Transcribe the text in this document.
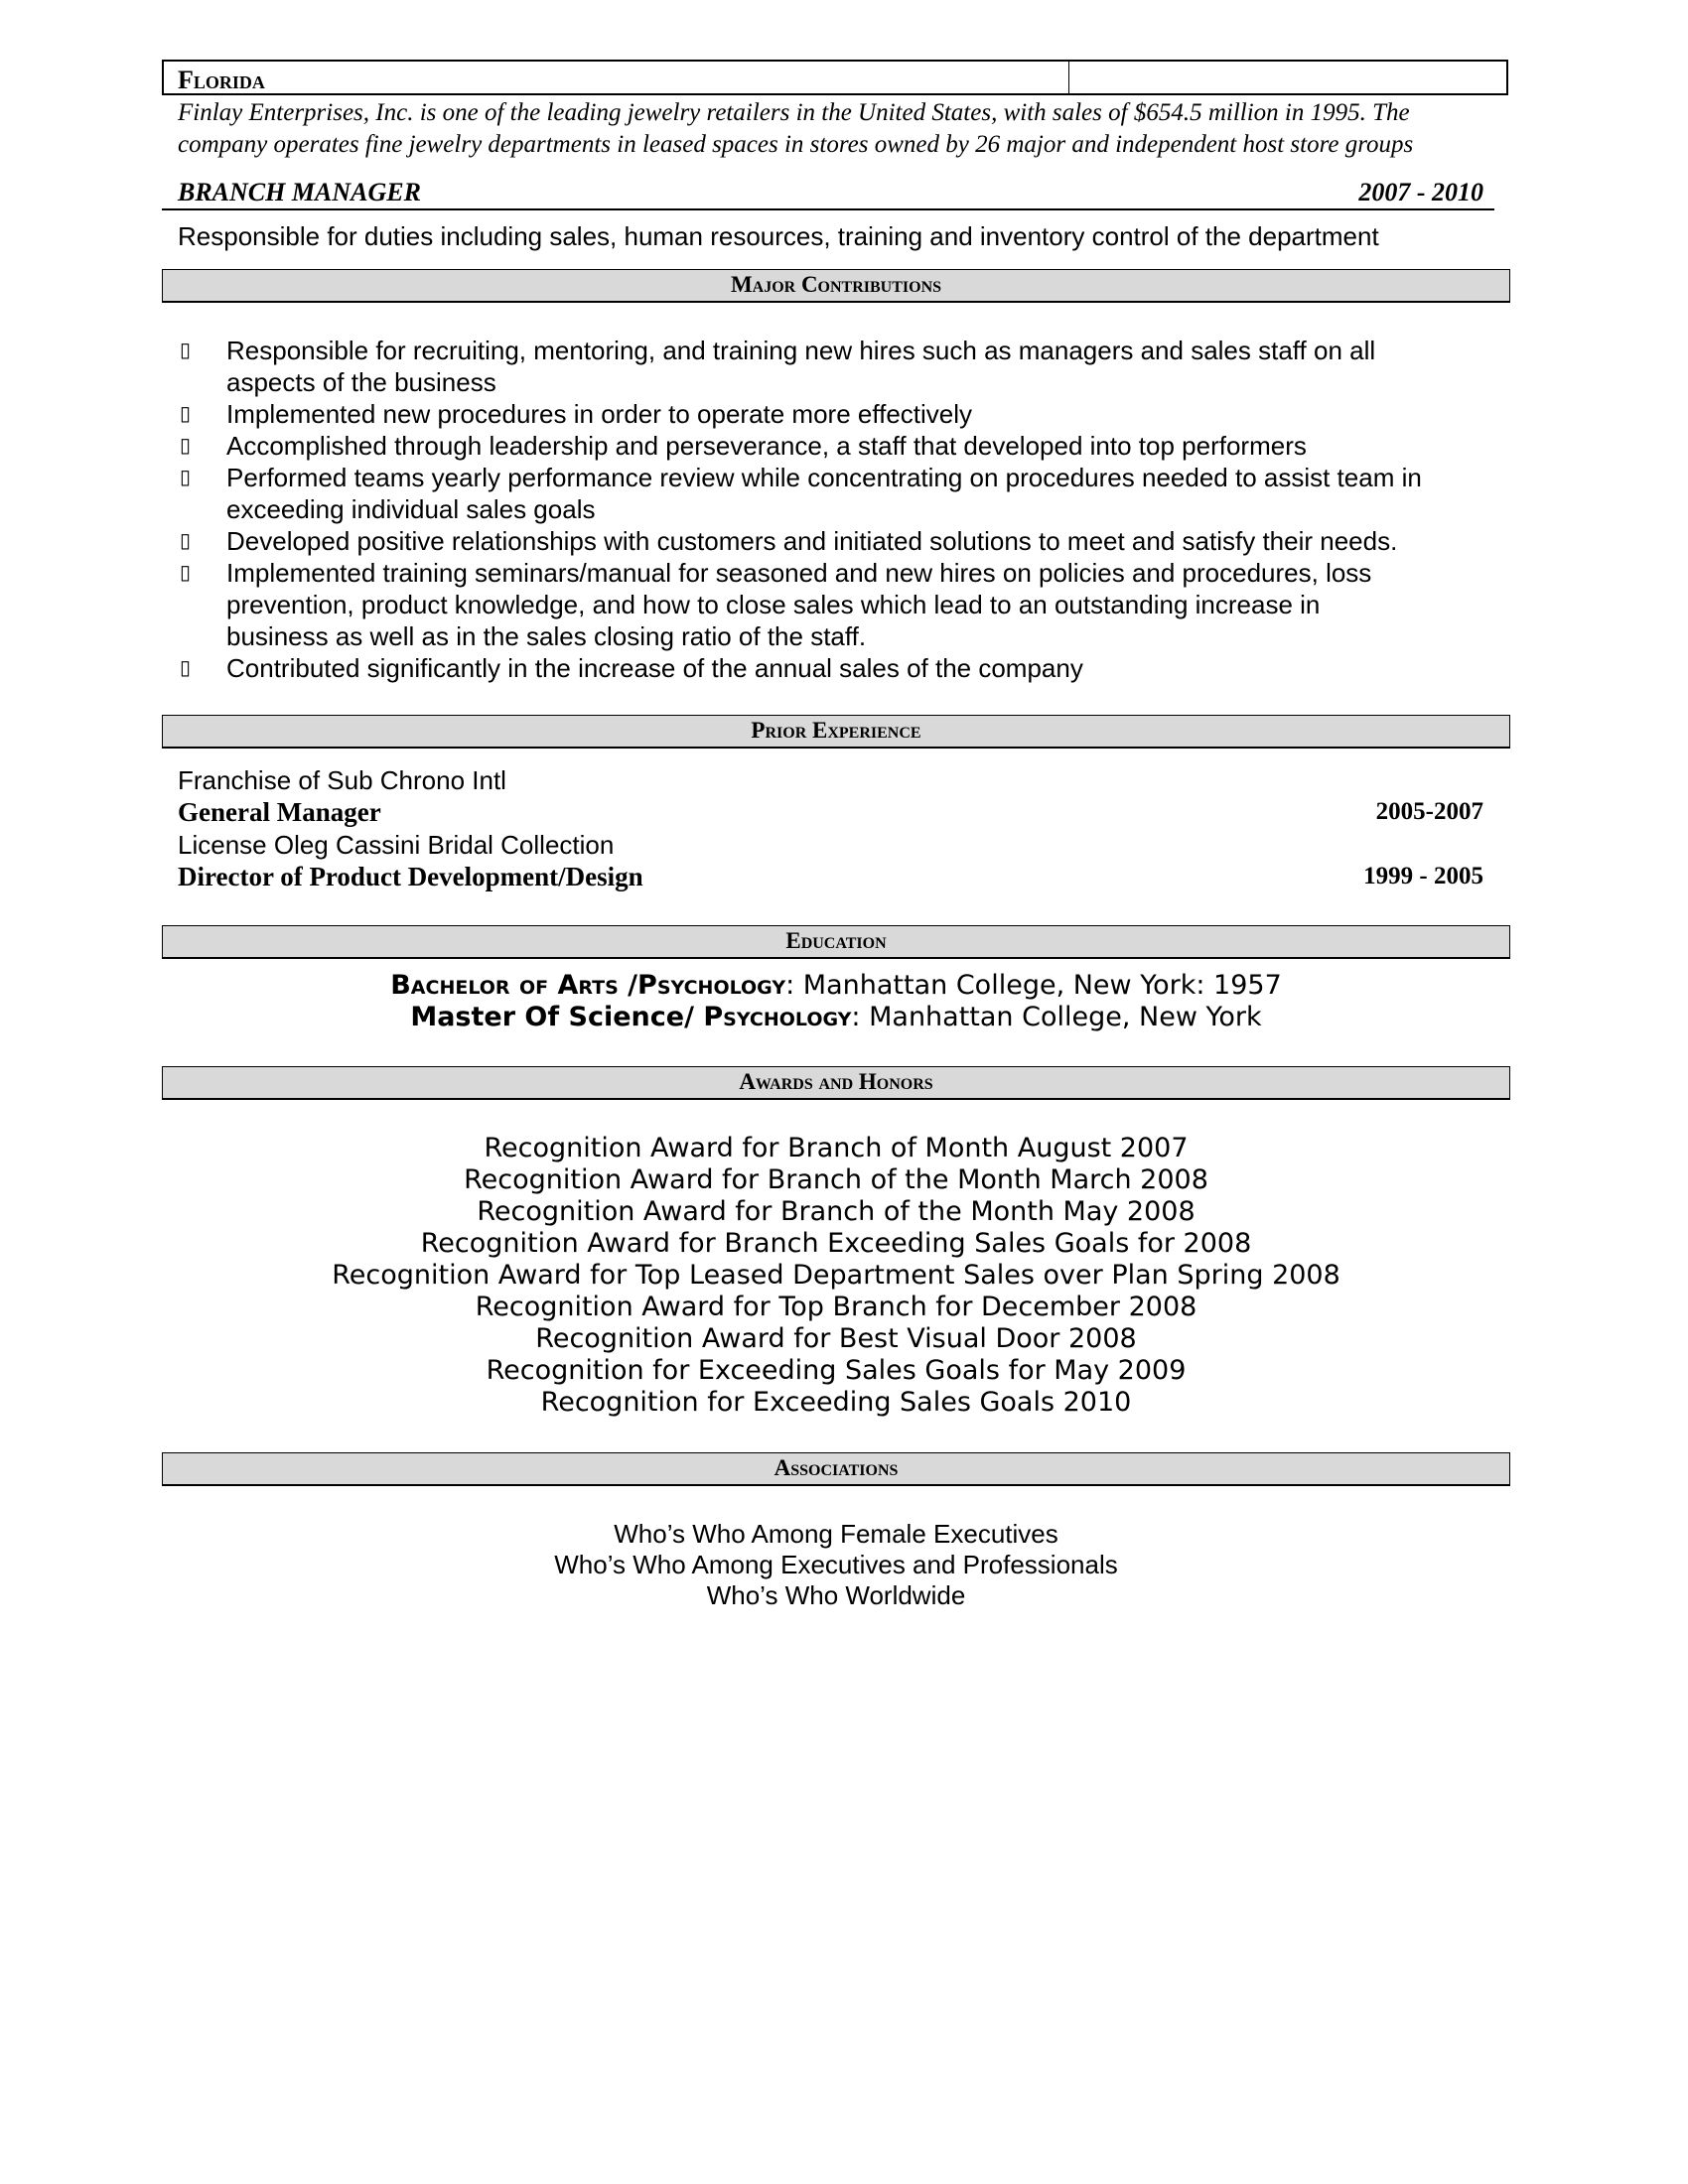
Florida
Finlay Enterprises, Inc. is one of the leading jewelry retailers in the United States, with sales of $654.5 million in 1995. The
company operates fine jewelry departments in leased spaces in stores owned by 26 major and independent host store groups
BRANCH MANAGER	2007 - 2010
Responsible for duties including sales, human resources, training and inventory control of the department
Major Contributions
▯	Responsible for recruiting, mentoring, and training new hires such as managers and sales staff on all
aspects of the business
▯	Implemented new procedures in order to operate more effectively
▯	Accomplished through leadership and perseverance, a staff that developed into top performers
▯	Performed teams yearly performance review while concentrating on procedures needed to assist team in
exceeding individual sales goals
▯	Developed positive relationships with customers and initiated solutions to meet and satisfy their needs.
▯	Implemented training seminars/manual for seasoned and new hires on policies and procedures, loss
prevention, product knowledge, and how to close sales which lead to an outstanding increase in
business as well as in the sales closing ratio of the staff.
▯	Contributed significantly in the increase of the annual sales of the company
Prior Experience
Franchise of Sub Chrono Intl
General Manager	2005-2007
License Oleg Cassini Bridal Collection
Director of Product Development/Design	1999 - 2005
Education
Bachelor of Arts /Psychology: Manhattan College, New York: 1957
Master Of Science/ Psychology: Manhattan College, New York
Awards and Honors
Recognition Award for Branch of Month August 2007
Recognition Award for Branch of the Month March 2008
Recognition Award for Branch of the Month May 2008
Recognition Award for Branch Exceeding Sales Goals for 2008
Recognition Award for Top Leased Department Sales over Plan Spring 2008
Recognition Award for Top Branch for December 2008
Recognition Award for Best Visual Door 2008
Recognition for Exceeding Sales Goals for May 2009
Recognition for Exceeding Sales Goals 2010
Associations
Who’s Who Among Female Executives
Who’s Who Among Executives and Professionals
Who’s Who Worldwide
